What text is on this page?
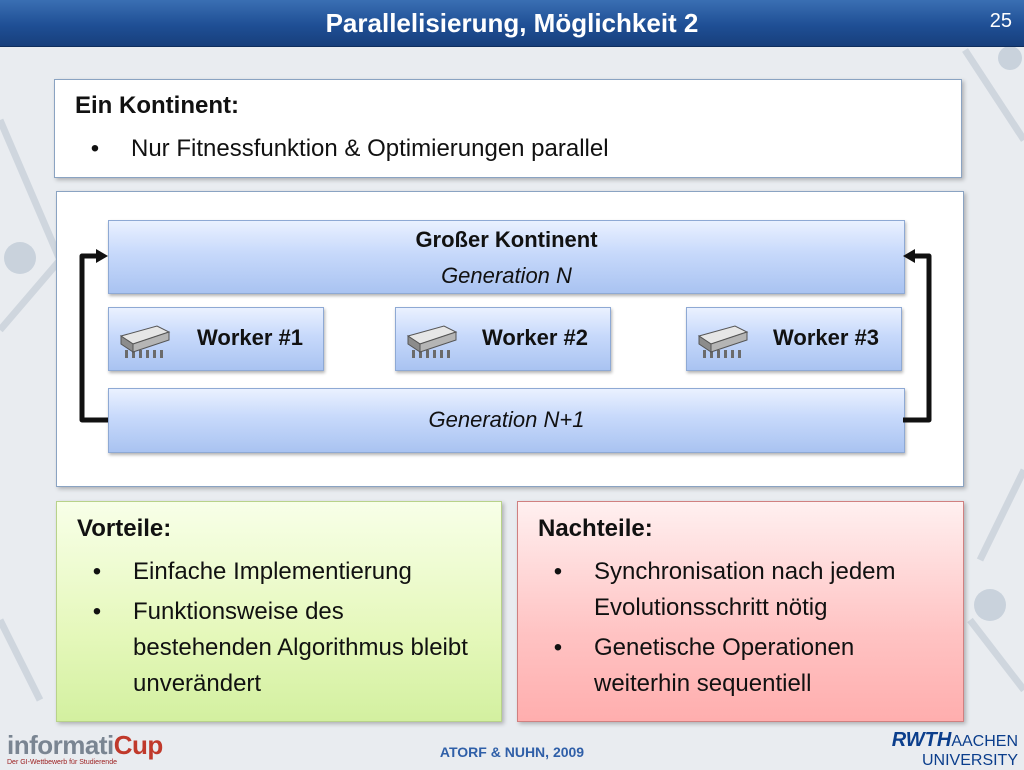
Parallelisierung, Möglichkeit 2	25
Ein Kontinent:
• Nur Fitnessfunktion & Optimierungen parallel
Großer Kontinent
Generation N
Worker #1	Worker #2	Worker #3
Generation N+1
Vorteile:
• Einfache Implementierung
• Funktionsweise des bestehenden Algorithmus bleibt unverändert
Nachteile:
• Synchronisation nach jedem Evolutionsschritt nötig
• Genetische Operationen weiterhin sequentiell
informatiCup
Der GI-Wettbewerb für Studierende
ATORF & NUHN, 2009
RWTHAACHEN
UNIVERSITY
